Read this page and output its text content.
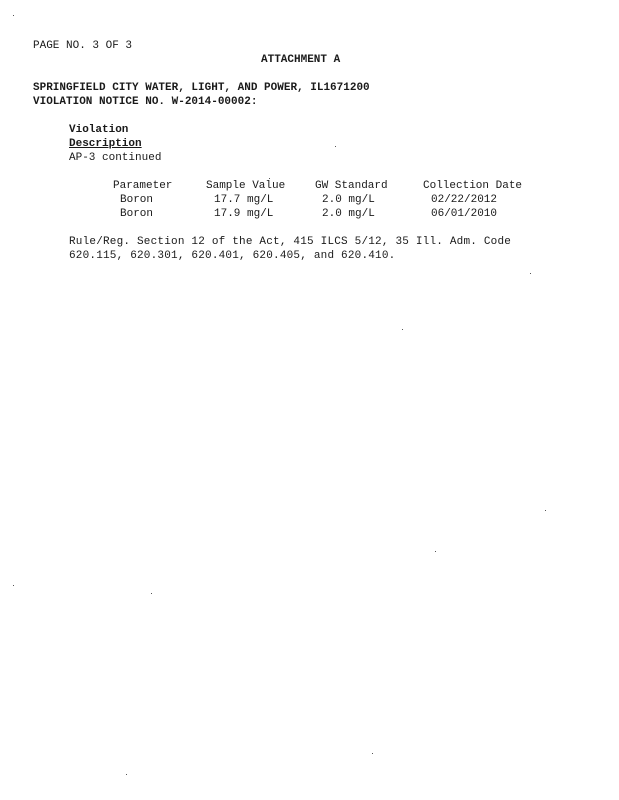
PAGE NO. 3 OF 3
ATTACHMENT A
SPRINGFIELD CITY WATER, LIGHT, AND POWER, IL1671200
VIOLATION NOTICE NO. W-2014-00002:
Violation
Description
AP-3 continued
Parameter	Sample Value	GW Standard	Collection Date
Boron	17.7 mg/L	2.0 mg/L	02/22/2012
Boron	17.9 mg/L	2.0 mg/L	06/01/2010
Rule/Reg. Section 12 of the Act, 415 ILCS 5/12, 35 Ill. Adm. Code
620.115, 620.301, 620.401, 620.405, and 620.410.
